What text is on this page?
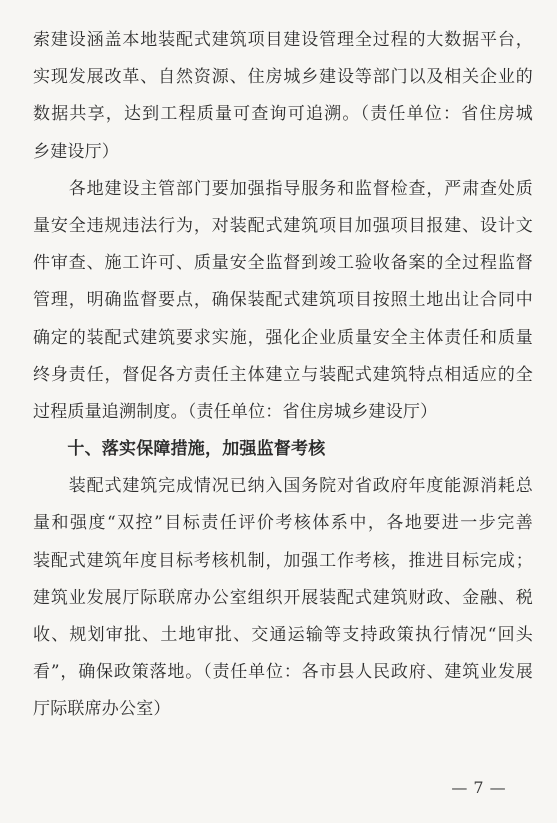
索建设涵盖本地装配式建筑项目建设管理全过程的大数据平台，
实现发展改革、自然资源、住房城乡建设等部门以及相关企业的
数据共享，达到工程质量可查询可追溯。（责任单位：省住房城
乡建设厅）
　　各地建设主管部门要加强指导服务和监督检查，严肃查处质
量安全违规违法行为，对装配式建筑项目加强项目报建、设计文
件审查、施工许可、质量安全监督到竣工验收备案的全过程监督
管理，明确监督要点，确保装配式建筑项目按照土地出让合同中
确定的装配式建筑要求实施，强化企业质量安全主体责任和质量
终身责任，督促各方责任主体建立与装配式建筑特点相适应的全
过程质量追溯制度。（责任单位：省住房城乡建设厅）
　　十、落实保障措施，加强监督考核
　　装配式建筑完成情况已纳入国务院对省政府年度能源消耗总
量和强度“双控”目标责任评价考核体系中，各地要进一步完善
装配式建筑年度目标考核机制，加强工作考核，推进目标完成；
建筑业发展厅际联席办公室组织开展装配式建筑财政、金融、税
收、规划审批、土地审批、交通运输等支持政策执行情况“回头
看”，确保政策落地。（责任单位：各市县人民政府、建筑业发展
厅际联席办公室）
— 7 —
